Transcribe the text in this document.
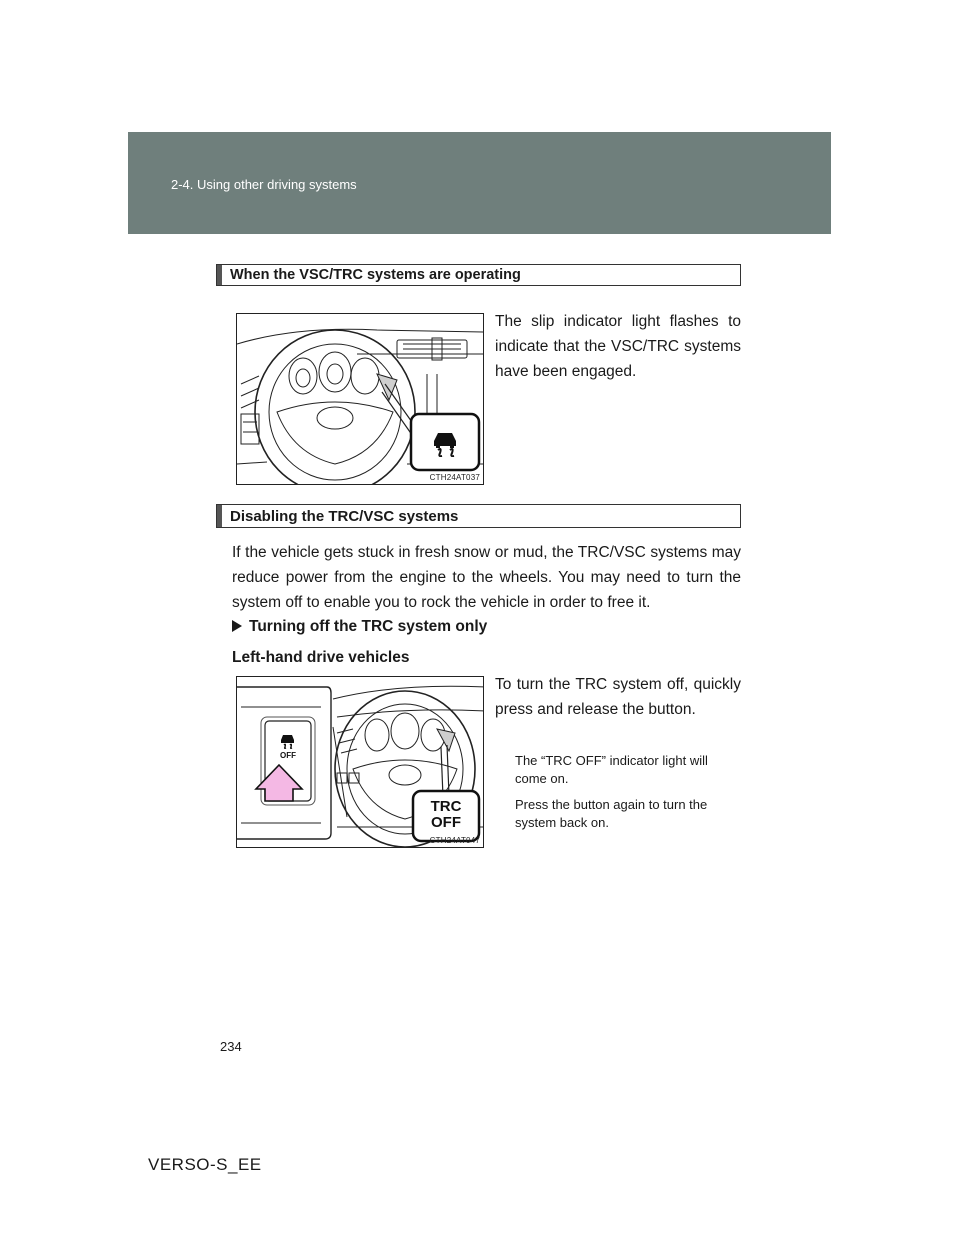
2-4. Using other driving systems
When the VSC/TRC systems are operating
CTH24AT037
The slip indicator light flashes to indicate that the VSC/TRC systems have been engaged.
Disabling the TRC/VSC systems
If the vehicle gets stuck in fresh snow or mud, the TRC/VSC systems may reduce power from the engine to the wheels. You may need to turn the system off to enable you to rock the vehicle in order to free it.
Turning off the TRC system only
Left-hand drive vehicles
OFF
TRC
OFF
CTH24AT047
To turn the TRC system off, quickly press and release the button.
The “TRC OFF” indicator light will come on.
Press the button again to turn the system back on.
234
VERSO-S_EE
